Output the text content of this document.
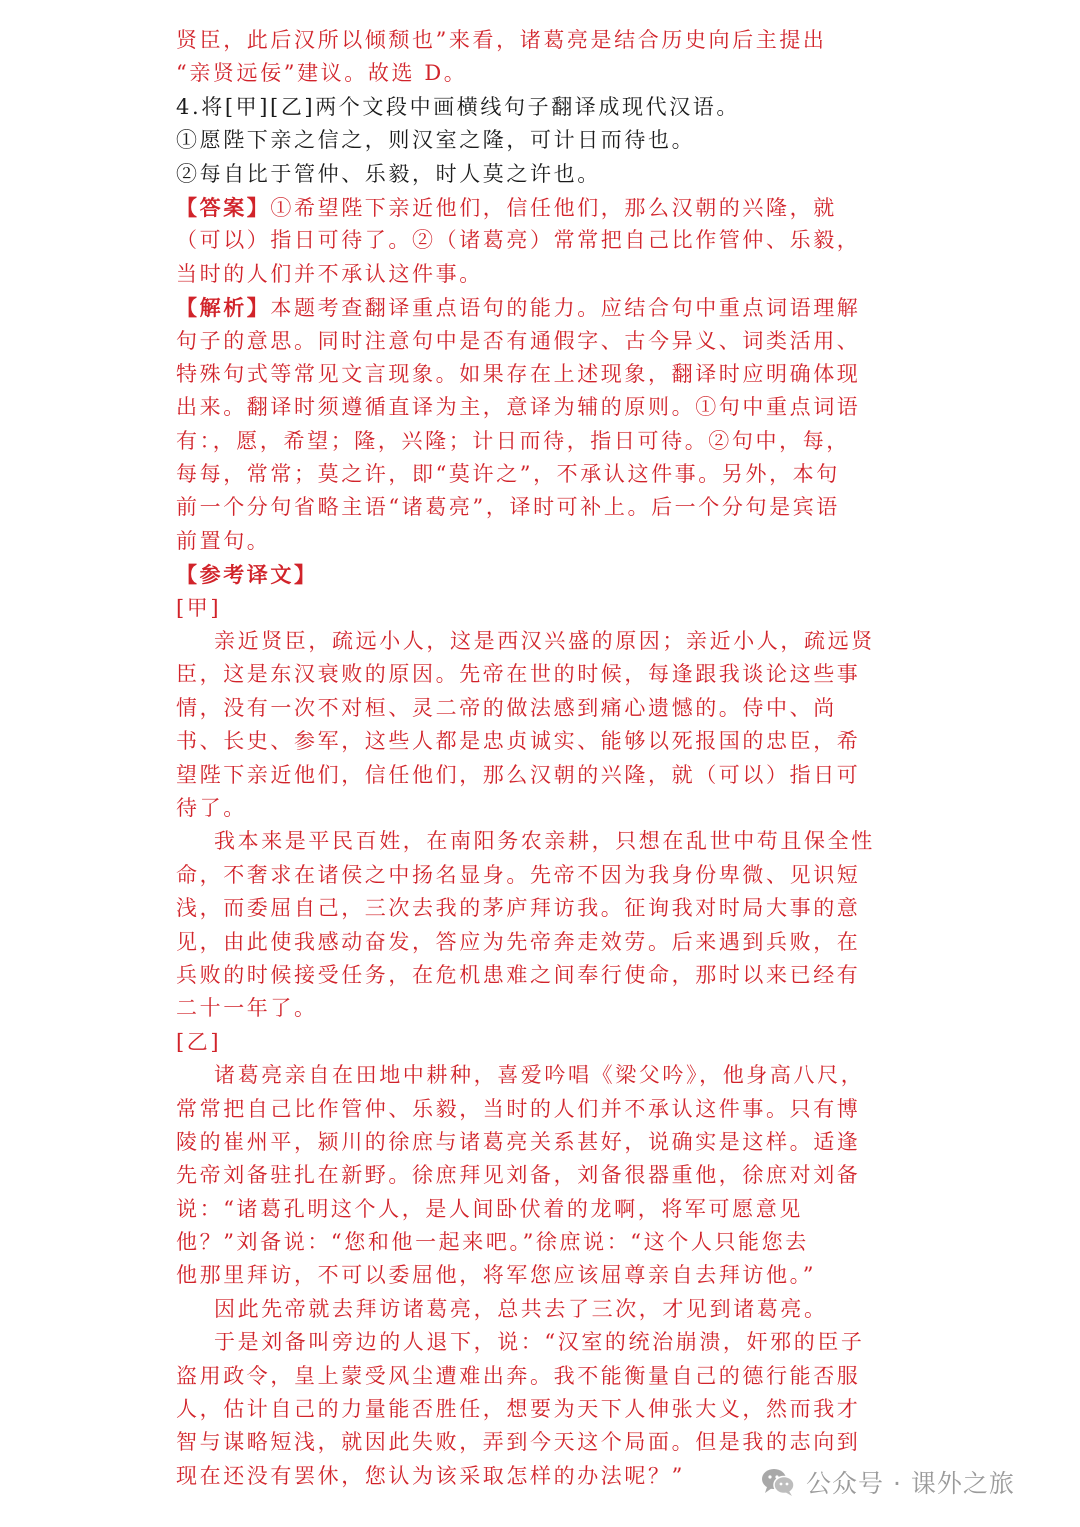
贤臣，此后汉所以倾颓也”来看，诸葛亮是结合历史向后主提出
“亲贤远佞”建议。故选 D。
4.将[甲][乙]两个文段中画横线句子翻译成现代汉语。
①愿陛下亲之信之，则汉室之隆，可计日而待也。
②每自比于管仲、乐毅，时人莫之许也。
【答案】①希望陛下亲近他们，信任他们，那么汉朝的兴隆，就
（可以）指日可待了。②（诸葛亮）常常把自己比作管仲、乐毅，
当时的人们并不承认这件事。
【解析】本题考查翻译重点语句的能力。应结合句中重点词语理解
句子的意思。同时注意句中是否有通假字、古今异义、词类活用、
特殊句式等常见文言现象。如果存在上述现象，翻译时应明确体现
出来。翻译时须遵循直译为主，意译为辅的原则。①句中重点词语
有：，愿，希望；隆，兴隆；计日而待，指日可待。②句中，每，
每每，常常；莫之许，即“莫许之”，不承认这件事。另外，本句
前一个分句省略主语“诸葛亮”，译时可补上。后一个分句是宾语
前置句。
【参考译文】
[甲]
亲近贤臣，疏远小人，这是西汉兴盛的原因；亲近小人，疏远贤
臣，这是东汉衰败的原因。先帝在世的时候，每逢跟我谈论这些事
情，没有一次不对桓、灵二帝的做法感到痛心遗憾的。侍中、尚
书、长史、参军，这些人都是忠贞诚实、能够以死报国的忠臣，希
望陛下亲近他们，信任他们，那么汉朝的兴隆，就（可以）指日可
待了。
我本来是平民百姓，在南阳务农亲耕，只想在乱世中苟且保全性
命，不奢求在诸侯之中扬名显身。先帝不因为我身份卑微、见识短
浅，而委屈自己，三次去我的茅庐拜访我。征询我对时局大事的意
见，由此使我感动奋发，答应为先帝奔走效劳。后来遇到兵败，在
兵败的时候接受任务，在危机患难之间奉行使命，那时以来已经有
二十一年了。
[乙]
诸葛亮亲自在田地中耕种，喜爱吟唱《梁父吟》，他身高八尺，
常常把自己比作管仲、乐毅，当时的人们并不承认这件事。只有博
陵的崔州平，颍川的徐庶与诸葛亮关系甚好，说确实是这样。适逢
先帝刘备驻扎在新野。徐庶拜见刘备，刘备很器重他，徐庶对刘备
说：“诸葛孔明这个人，是人间卧伏着的龙啊，将军可愿意见
他？”刘备说：“您和他一起来吧。”徐庶说：“这个人只能您去
他那里拜访，不可以委屈他，将军您应该屈尊亲自去拜访他。”
因此先帝就去拜访诸葛亮，总共去了三次，才见到诸葛亮。
于是刘备叫旁边的人退下，说：“汉室的统治崩溃，奸邪的臣子
盗用政令，皇上蒙受风尘遭难出奔。我不能衡量自己的德行能否服
人，估计自己的力量能否胜任，想要为天下人伸张大义，然而我才
智与谋略短浅，就因此失败，弄到今天这个局面。但是我的志向到
现在还没有罢休，您认为该采取怎样的办法呢？”	公众号 · 课外之旅
